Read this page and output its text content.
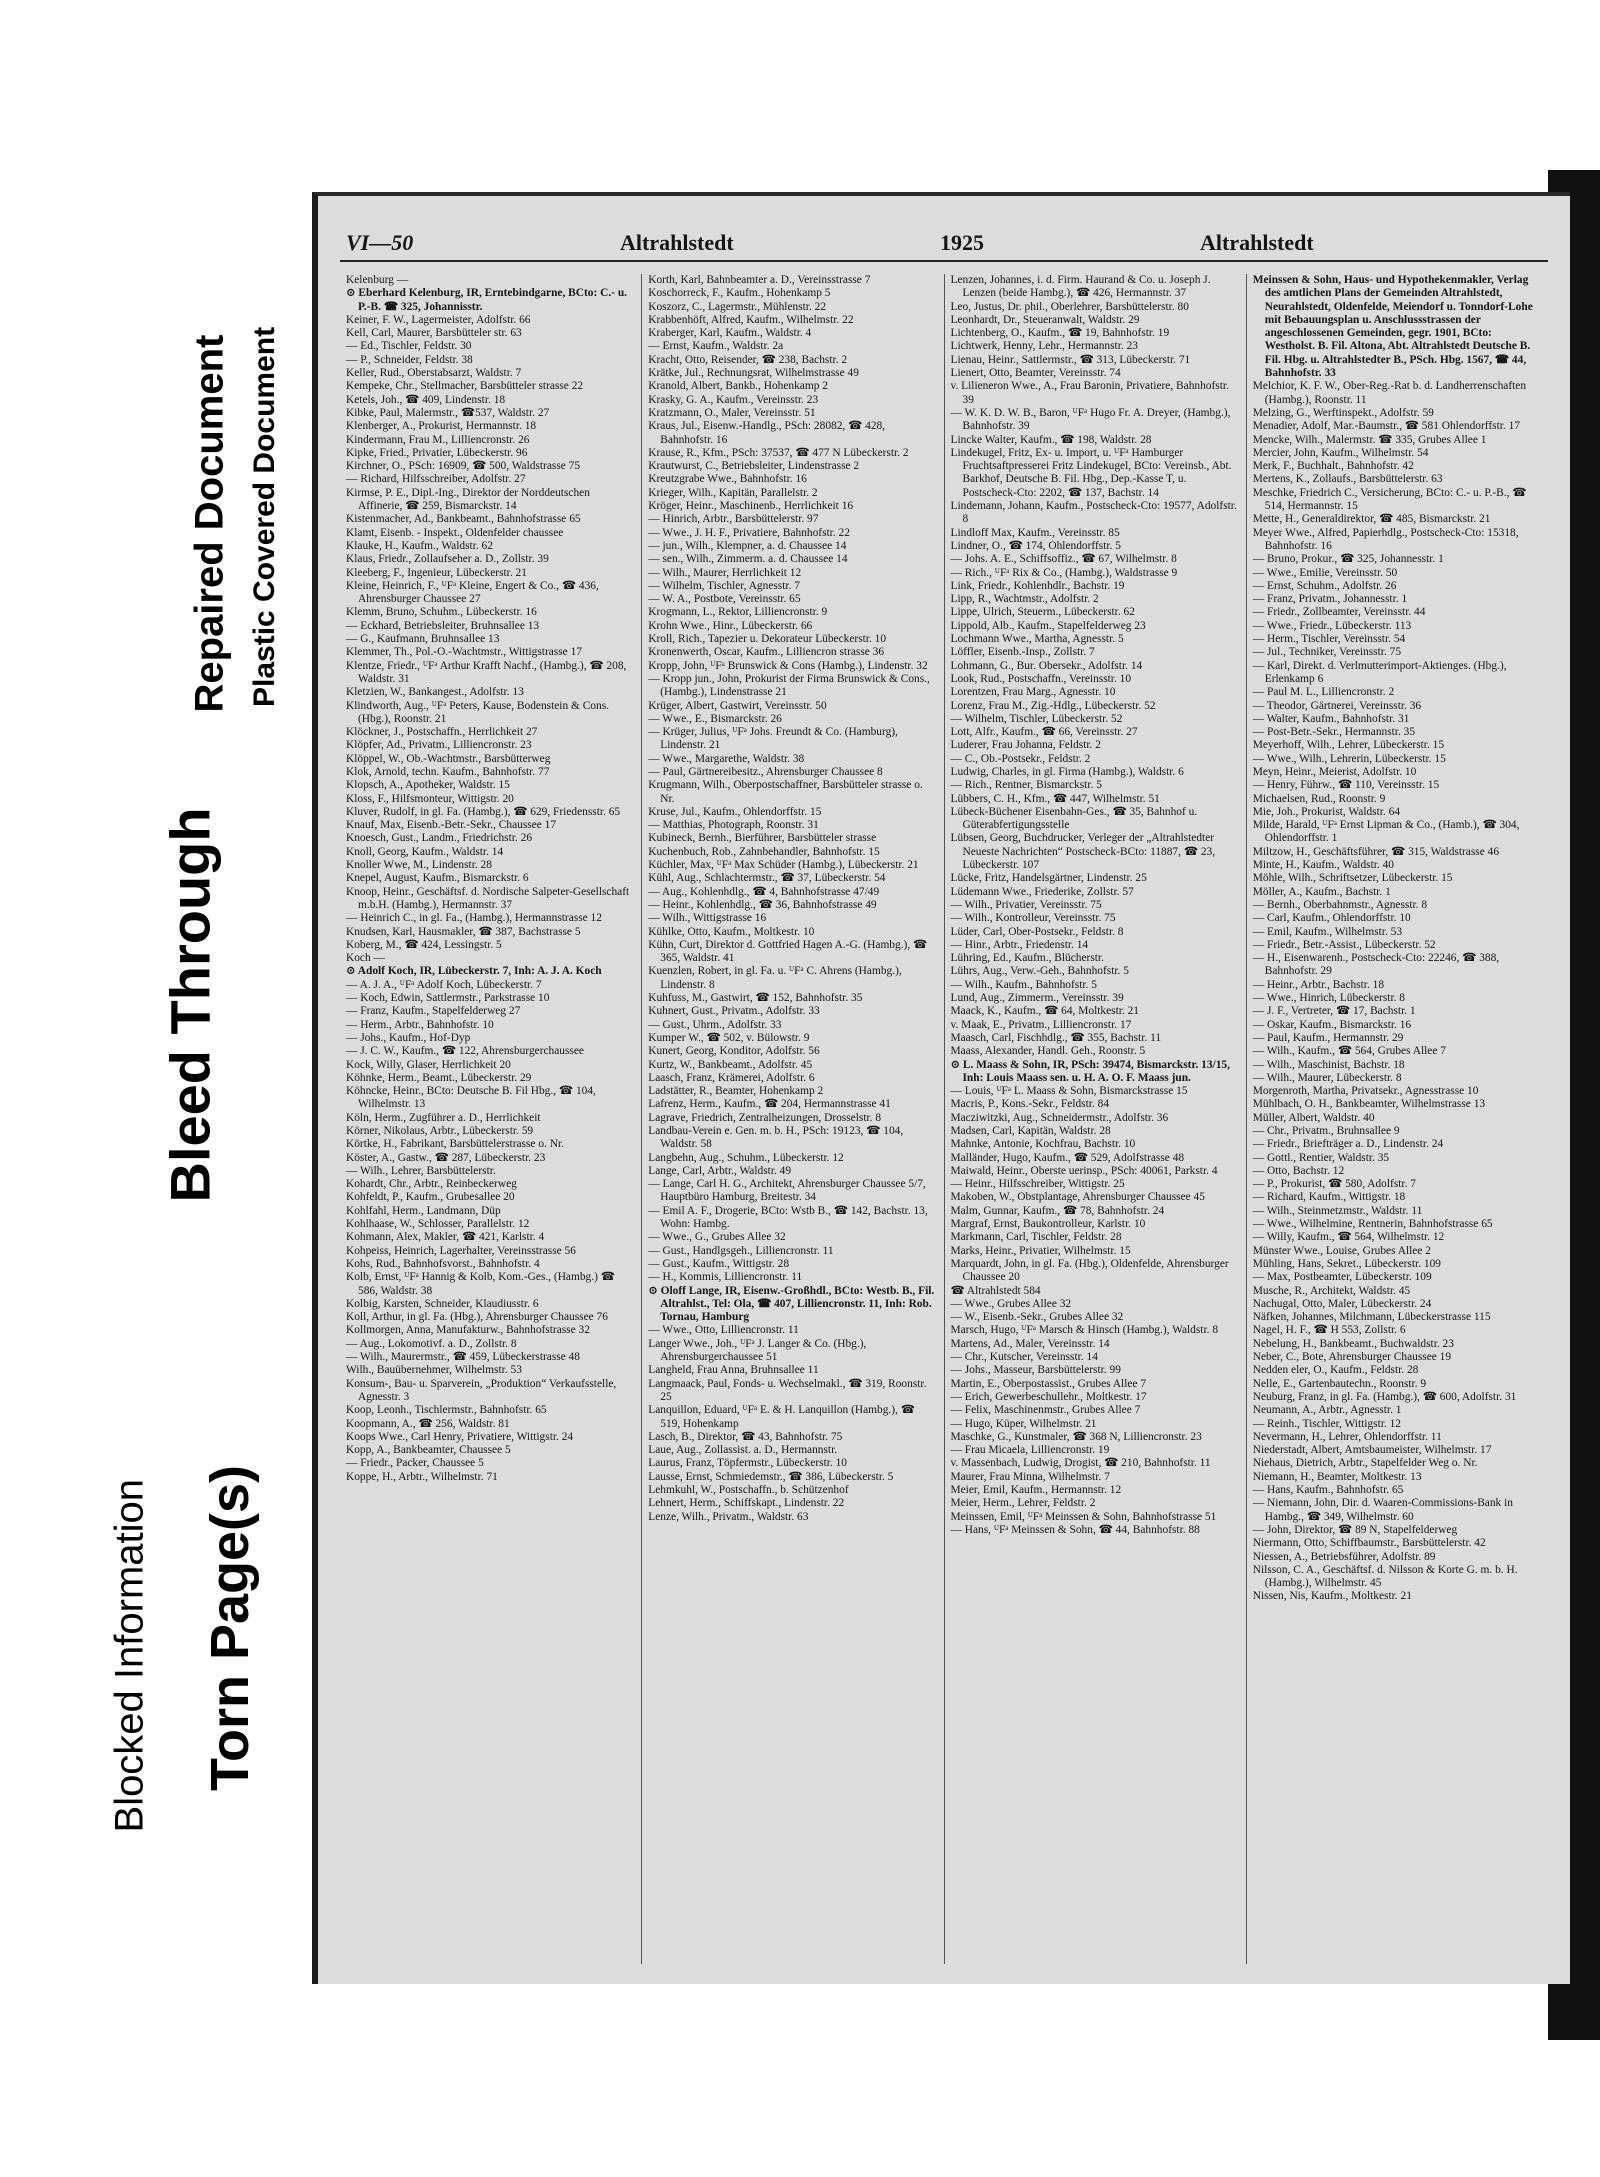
Blocked Information Torn Page(s)
Bleed Through
Repaired Document Plastic Covered Document
VI—50	Altrahlstedt	1925	Altrahlstedt

Kelenburg —

⊙ Eberhard Kelenburg, IR, Erntebindgarne, BCto: C.- u. P.-B. ☎ 325, Johannisstr.

Keiner, F. W., Lagermeister, Adolfstr. 66

Kell, Carl, Maurer, Barsbütteler str. 63

— Ed., Tischler, Feldstr. 30

— P., Schneider, Feldstr. 38

Keller, Rud., Oberstabsarzt, Waldstr. 7

Kempeke, Chr., Stellmacher, Barsbütteler strasse 22

Ketels, Joh., ☎ 409, Lindenstr. 18

Kibke, Paul, Malermstr., ☎537, Waldstr. 27

Klenberger, A., Prokurist, Hermannstr. 18

Kindermann, Frau M., Lilliencronstr. 26

Kipke, Fried., Privatier, Lübeckerstr. 96

Kirchner, O., PSch: 16909, ☎ 500, Waldstrasse 75

— Richard, Hilfsschreiber, Adolfstr. 27

Kirmse, P. E., Dipl.-Ing., Direktor der Norddeutschen Affinerie, ☎ 259, Bismarckstr. 14

Kistenmacher, Ad., Bankbeamt., Bahnhofstrasse 65

Klamt, Eisenb. - Inspekt., Oldenfelder chaussee

Klauke, H., Kaufm., Waldstr. 62

Klaus, Friedr., Zollaufseher a. D., Zollstr. 39

Kleeberg, F., Ingenieur, Lübeckerstr. 21

Kleine, Heinrich, F., ᵁFᵃ Kleine, Engert & Co., ☎ 436, Ahrensburger Chaussee 27

Klemm, Bruno, Schuhm., Lübeckerstr. 16

— Eckhard, Betriebsleiter, Bruhnsallee 13

— G., Kaufmann, Bruhnsallee 13

Klemmer, Th., Pol.-O.-Wachtmstr., Wittigstrasse 17

Klentze, Friedr., ᵁFᵃ Arthur Krafft Nachf., (Hambg.), ☎ 208, Waldstr. 31

Kletzien, W., Bankangest., Adolfstr. 13

Klindworth, Aug., ᵁFᵃ Peters, Kause, Bodenstein & Cons. (Hbg.), Roonstr. 21

Klöckner, J., Postschaffn., Herrlichkeit 27

Klöpfer, Ad., Privatm., Lilliencronstr. 23

Klöppel, W., Ob.-Wachtmstr., Barsbütterweg

Klok, Arnold, techn. Kaufm., Bahnhofstr. 77

Klopsch, A., Apotheker, Waldstr. 15

Kloss, F., Hilfsmonteur, Wittigstr. 20

Kluver, Rudolf, in gl. Fa. (Hambg.), ☎ 629, Friedensstr. 65

Knauf, Max, Eisenb.-Betr.-Sekr., Chaussee 17

Knoesch, Gust., Landm., Friedrichstr. 26

Knoll, Georg, Kaufm., Waldstr. 14

Knoller Wwe, M., Lindenstr. 28

Knepel, August, Kaufm., Bismarckstr. 6

Knoop, Heinr., Geschäftsf. d. Nordische Salpeter-Gesellschaft m.b.H. (Hambg.), Hermannstr. 37

— Heinrich C., in gl. Fa., (Hambg.), Hermannstrasse 12

Knudsen, Karl, Hausmakler, ☎ 387, Bachstrasse 5

Koberg, M., ☎ 424, Lessingstr. 5

Koch —

⊙ Adolf Koch, IR, Lübeckerstr. 7, Inh: A. J. A. Koch

— A. J. A., ᵁFᵃ Adolf Koch, Lübeckerstr. 7

— Koch, Edwin, Sattlermstr., Parkstrasse 10

— Franz, Kaufm., Stapelfelderweg 27

— Herm., Arbtr., Bahnhofstr. 10

— Johs., Kaufm., Hof-Dyp

— J. C. W., Kaufm., ☎ 122, Ahrensburgerchaussee

Kock, Willy, Glaser, Herrlichkeit 20

Köhnke, Herm., Beamt., Lübeckerstr. 29

Köhncke, Heinr., BCto: Deutsche B. Fil Hbg., ☎ 104, Wilhelmstr. 13

Köln, Herm., Zugführer a. D., Herrlichkeit

Körner, Nikolaus, Arbtr., Lübeckerstr. 59

Körtke, H., Fabrikant, Barsbüttelerstrasse o. Nr.

Köster, A., Gastw., ☎ 287, Lübeckerstr. 23

— Wilh., Lehrer, Barsbüttelerstr.

Kohardt, Chr., Arbtr., Reinbeckerweg

Kohfeldt, P., Kaufm., Grubesallee 20

Kohlfahl, Herm., Landmann, Düp

Kohlhaase, W., Schlosser, Parallelstr. 12

Kohmann, Alex, Makler, ☎ 421, Karlstr. 4

Kohpeiss, Heinrich, Lagerhalter, Vereinsstrasse 56

Kohs, Rud., Bahnhofsvorst., Bahnhofstr. 4

Kolb, Ernst, ᵁFᵃ Hannig & Kolb, Kom.-Ges., (Hambg.) ☎ 586, Waldstr. 38

Kolbig, Karsten, Schneider, Klaudiusstr. 6

Koll, Arthur, in gl. Fa. (Hbg.), Ahrensburger Chaussee 76

Kollmorgen, Anna, Manufakturw., Bahnhofstrasse 32

— Aug., Lokomotivf. a. D., Zollstr. 8

— Wilh., Maurermstr., ☎ 459, Lübeckerstrasse 48

Wilh., Bauübernehmer, Wilhelmstr. 53

Konsum-, Bau- u. Sparverein, „Produktion“ Verkaufsstelle, Agnesstr. 3

Koop, Leonh., Tischlermstr., Bahnhofstr. 65

Koopmann, A., ☎ 256, Waldstr. 81

Koops Wwe., Carl Henry, Privatiere, Wittigstr. 24

Kopp, A., Bankbeamter, Chaussee 5

— Friedr., Packer, Chaussee 5

Koppe, H., Arbtr., Wilhelmstr. 71

Korth, Karl, Bahnbeamter a. D., Vereinsstrasse 7

Koschorreck, F., Kaufm., Hohenkamp 5

Koszorz, C., Lagermstr., Mühlenstr. 22

Krabbenhöft, Alfred, Kaufm., Wilhelmstr. 22

Kraberger, Karl, Kaufm., Waldstr. 4

— Ernst, Kaufm., Waldstr. 2a

Kracht, Otto, Reisender, ☎ 238, Bachstr. 2

Krätke, Jul., Rechnungsrat, Wilhelmstrasse 49

Kranold, Albert, Bankb., Hohenkamp 2

Krasky, G. A., Kaufm., Vereinsstr. 23

Kratzmann, O., Maler, Vereinsstr. 51

Kraus, Jul., Eisenw.-Handlg., PSch: 28082, ☎ 428, Bahnhofstr. 16

Krause, R., Kfm., PSch: 37537, ☎ 477 N Lübeckerstr. 2

Krautwurst, C., Betriebsleiter, Lindenstrasse 2

Kreutzgrabe Wwe., Bahnhofstr. 16

Krieger, Wilh., Kapitän, Parallelstr. 2

Kröger, Heinr., Maschinenb., Herrlichkeit 16

— Hinrich, Arbtr., Barsbüttelerstr. 97

— Wwe., J. H. F., Privatiere, Bahnhofstr. 22

— jun., Wilh., Klempner, a. d. Chaussee 14

— sen., Wilh., Zimmerm. a. d. Chaussee 14

— Wilh., Maurer, Herrlichkeit 12

— Wilhelm, Tischler, Agnesstr. 7

— W. A., Postbote, Vereinsstr. 65

Krogmann, L., Rektor, Lilliencronstr. 9

Krohn Wwe., Hinr., Lübeckerstr. 66

Kroll, Rich., Tapezier u. Dekorateur Lübeckerstr. 10

Kronenwerth, Oscar, Kaufm., Lilliencron strasse 36

Kropp, John, ᵁFᵃ Brunswick & Cons (Hambg.), Lindenstr. 32

— Kropp jun., John, Prokurist der Firma Brunswick & Cons., (Hambg.), Lindenstrasse 21

Krüger, Albert, Gastwirt, Vereinsstr. 50

— Wwe., E., Bismarckstr. 26

— Krüger, Julius, ᵁFᵃ Johs. Freundt & Co. (Hamburg), Lindenstr. 21

— Wwe., Margarethe, Waldstr. 38

— Paul, Gärtnereibesitz., Ahrensburger Chaussee 8

Krugmann, Wilh., Oberpostschaffner, Barsbütteler strasse o. Nr.

Kruse, Jul., Kaufm., Ohlendorffstr. 15

— Matthias, Photograph, Roonstr. 31

Kubineck, Bernh., Bierführer, Barsbütteler strasse

Kuchenbuch, Rob., Zahnbehandler, Bahnhofstr. 15

Küchler, Max, ᵁFᵃ Max Schüder (Hambg.), Lübeckerstr. 21

Kühl, Aug., Schlachtermstr., ☎ 37, Lübeckerstr. 54

— Aug., Kohlenhdlg., ☎ 4, Bahnhofstrasse 47/49

— Heinr., Kohlenhdlg., ☎ 36, Bahnhofstrasse 49

— Wilh., Wittigstrasse 16

Kühlke, Otto, Kaufm., Moltkestr. 10

Kühn, Curt, Direktor d. Gottfried Hagen A.-G. (Hambg.), ☎ 365, Waldstr. 41

Kuenzlen, Robert, in gl. Fa. u. ᵁFᵃ C. Ahrens (Hambg.), Lindenstr. 8

Kuhfuss, M., Gastwirt, ☎ 152, Bahnhofstr. 35

Kuhnert, Gust., Privatm., Adolfstr. 33

— Gust., Uhrm., Adolfstr. 33

Kumper W., ☎ 502, v. Bülowstr. 9

Kunert, Georg, Konditor, Adolfstr. 56

Kurtz, W., Bankbeamt., Adolfstr. 45

Laasch, Franz, Krämerei, Adolfstr. 6

Ladstätter, R., Beamter, Hohenkamp 2

Lafrenz, Herm., Kaufm., ☎ 204, Hermannstrasse 41

Lagrave, Friedrich, Zentralheizungen, Drosselstr. 8

Landbau-Verein e. Gen. m. b. H., PSch: 19123, ☎ 104, Waldstr. 58

Langbehn, Aug., Schuhm., Lübeckerstr. 12

Lange, Carl, Arbtr., Waldstr. 49

— Lange, Carl H. G., Architekt, Ahrensburger Chaussee 5/7, Hauptbüro Hamburg, Breitestr. 34

— Emil A. F., Drogerie, BCto: Wstb B., ☎ 142, Bachstr. 13, Wohn: Hambg.

— Wwe., G., Grubes Allee 32

— Gust., Handlgsgeh., Lilliencronstr. 11

— Gust., Kaufm., Wittigstr. 28

— H., Kommis, Lilliencronstr. 11

⊙ Oloff Lange, IR, Eisenw.-Großhdl., BCto: Westb. B., Fil. Altrahlst., Tel: Ola, ☎ 407, Lilliencronstr. 11, Inh: Rob. Tornau, Hamburg

— Wwe., Otto, Lilliencronstr. 11

Langer Wwe., Joh., ᵁFᵃ J. Langer & Co. (Hbg.), Ahrensburgerchaussee 51

Langheld, Frau Anna, Bruhnsallee 11

Langmaack, Paul, Fonds- u. Wechselmakl., ☎ 319, Roonstr. 25

Lanquillon, Eduard, ᵁFᵃ E. & H. Lanquillon (Hambg.), ☎ 519, Hohenkamp

Lasch, B., Direktor, ☎ 43, Bahnhofstr. 75

Laue, Aug., Zollassist. a. D., Hermannstr.

Laurus, Franz, Töpfermstr., Lübeckerstr. 10

Lausse, Ernst, Schmiedemstr., ☎ 386, Lübeckerstr. 5

Lehmkuhl, W., Postschaffn., b. Schützenhof

Lehnert, Herm., Schiffskapt., Lindenstr. 22

Lenze, Wilh., Privatm., Waldstr. 63

Lenzen, Johannes, i. d. Firm. Haurand & Co. u. Joseph J. Lenzen (beide Hambg.), ☎ 426, Hermannstr. 37

Leo, Justus, Dr. phil., Oberlehrer, Barsbüttelerstr. 80

Leonhardt, Dr., Steueranwalt, Waldstr. 29

Lichtenberg, O., Kaufm., ☎ 19, Bahnhofstr. 19

Lichtwerk, Henny, Lehr., Hermannstr. 23

Lienau, Heinr., Sattlermstr., ☎ 313, Lübeckerstr. 71

Lienert, Otto, Beamter, Vereinsstr. 74

v. Lilieneron Wwe., A., Frau Baronin, Privatiere, Bahnhofstr. 39

— W. K. D. W. B., Baron, ᵁFᵃ Hugo Fr. A. Dreyer, (Hambg.), Bahnhofstr. 39

Lincke Walter, Kaufm., ☎ 198, Waldstr. 28

Lindekugel, Fritz, Ex- u. Import, u. ᵁFᵃ Hamburger Fruchtsaftpresserei Fritz Lindekugel, BCto: Vereinsb., Abt. Barkhof, Deutsche B. Fil. Hbg., Dep.-Kasse T, u. Postscheck-Cto: 2202, ☎ 137, Bachstr. 14

Lindemann, Johann, Kaufm., Postscheck-Cto: 19577, Adolfstr. 8

Lindloff Max, Kaufm., Vereinsstr. 85

Lindner, O., ☎ 174, Ohlendorffstr. 5

— Johs. A. E., Schiffsoffiz., ☎ 67, Wilhelmstr. 8

— Rich., ᵁFᵃ Rix & Co., (Hambg.), Waldstrasse 9

Link, Friedr., Kohlenhdlr., Bachstr. 19

Lipp, R., Wachtmstr., Adolfstr. 2

Lippe, Ulrich, Steuerm., Lübeckerstr. 62

Lippold, Alb., Kaufm., Stapelfelderweg 23

Lochmann Wwe., Martha, Agnesstr. 5

Löffler, Eisenb.-Insp., Zollstr. 7

Lohmann, G., Bur. Obersekr., Adolfstr. 14

Look, Rud., Postschaffn., Vereinsstr. 10

Lorentzen, Frau Marg., Agnesstr. 10

Lorenz, Frau M., Zig.-Hdlg., Lübeckerstr. 52

— Wilhelm, Tischler, Lübeckerstr. 52

Lott, Alfr., Kaufm., ☎ 66, Vereinsstr. 27

Luderer, Frau Johanna, Feldstr. 2

— C., Ob.-Postsekr., Feldstr. 2

Ludwig, Charles, in gl. Firma (Hambg.), Waldstr. 6

— Rich., Rentner, Bismarckstr. 5

Lübbers, C. H., Kfm., ☎ 447, Wilhelmstr. 51

Lübeck-Büchener Eisenbahn-Ges., ☎ 35, Bahnhof u. Güterabfertigungsstelle

Lübsen, Georg, Buchdrucker, Verleger der „Altrahlstedter Neueste Nachrichten“ Postscheck-BCto: 11887, ☎ 23, Lübeckerstr. 107

Lücke, Fritz, Handelsgärtner, Lindenstr. 25

Lüdemann Wwe., Friederike, Zollstr. 57

— Wilh., Privatier, Vereinsstr. 75

— Wilh., Kontrolleur, Vereinsstr. 75

Lüder, Carl, Ober-Postsekr., Feldstr. 8

— Hinr., Arbtr., Friedenstr. 14

Lühring, Ed., Kaufm., Blücherstr.

Lührs, Aug., Verw.-Geh., Bahnhofstr. 5

— Wilh., Kaufm., Bahnhofstr. 5

Lund, Aug., Zimmerm., Vereinsstr. 39

Maack, K., Kaufm., ☎ 64, Moltkestr. 21

v. Maak, E., Privatm., Lilliencronstr. 17

Maasch, Carl, Fischhdlg., ☎ 355, Bachstr. 11

Maass, Alexander, Handl. Geh., Roonstr. 5

⊙ L. Maass & Sohn, IR, PSch: 39474, Bismarckstr. 13/15, Inh: Louis Maass sen. u. H. A. O. F. Maass jun.

— Louis, ᵁFᵃ L. Maass & Sohn, Bismarckstrasse 15

Macris, P., Kons.-Sekr., Feldstr. 84

Macziwitzki, Aug., Schneidermstr., Adolfstr. 36

Madsen, Carl, Kapitän, Waldstr. 28

Mahnke, Antonie, Kochfrau, Bachstr. 10

Malländer, Hugo, Kaufm., ☎ 529, Adolfstrasse 48

Maiwald, Heinr., Oberste uerinsp., PSch: 40061, Parkstr. 4

— Heinr., Hilfsschreiber, Wittigstr. 25

Makoben, W., Obstplantage, Ahrensburger Chaussee 45

Malm, Gunnar, Kaufm., ☎ 78, Bahnhofstr. 24

Margraf, Ernst, Baukontrolleur, Karlstr. 10

Markmann, Carl, Tischler, Feldstr. 28

Marks, Heinr., Privatier, Wilhelmstr. 15

Marquardt, John, in gl. Fa. (Hbg.), Oldenfelde, Ahrensburger Chaussee 20

☎ Altrahlstedt 584

— Wwe., Grubes Allee 32

— W., Eisenb.-Sekr., Grubes Allee 32

Marsch, Hugo, ᵁFᵃ Marsch & Hinsch (Hambg.), Waldstr. 8

Martens, Ad., Maler, Vereinsstr. 14

— Chr., Kutscher, Vereinsstr. 14

— Johs., Masseur, Barsbüttelerstr. 99

Martin, E., Oberpostassist., Grubes Allee 7

— Erich, Gewerbeschullehr., Moltkestr. 17

— Felix, Maschinenmstr., Grubes Allee 7

— Hugo, Küper, Wilhelmstr. 21

Maschke, G., Kunstmaler, ☎ 368 N, Lilliencronstr. 23

— Frau Micaela, Lilliencronstr. 19

v. Massenbach, Ludwig, Drogist, ☎ 210, Bahnhofstr. 11

Maurer, Frau Minna, Wilhelmstr. 7

Meier, Emil, Kaufm., Hermannstr. 12

Meier, Herm., Lehrer, Feldstr. 2

Meinssen, Emil, ᵁFᵃ Meinssen & Sohn, Bahnhofstrasse 51

— Hans, ᵁFᵃ Meinssen & Sohn, ☎ 44, Bahnhofstr. 88

Meinssen & Sohn, Haus- und Hypothekenmakler, Verlag des amtlichen Plans der Gemeinden Altrahlstedt, Neurahlstedt, Oldenfelde, Meiendorf u. Tonndorf-Lohe mit Bebauungsplan u. Anschlussstrassen der angeschlossenen Gemeinden, gegr. 1901, BCto: Westholst. B. Fil. Altona, Abt. Altrahlstedt Deutsche B. Fil. Hbg. u. Altrahlstedter B., PSch. Hbg. 1567, ☎ 44, Bahnhofstr. 33

Melchior, K. F. W., Ober-Reg.-Rat b. d. Landherrenschaften (Hambg.), Roonstr. 11

Melzing, G., Werftinspekt., Adolfstr. 59

Menadier, Adolf, Mar.-Baumstr., ☎ 581 Ohlendorffstr. 17

Mencke, Wilh., Malermstr. ☎ 335, Grubes Allee 1

Mercier, John, Kaufm., Wilhelmstr. 54

Merk, F., Buchhalt., Bahnhofstr. 42

Mertens, K., Zollaufs., Barsbüttelerstr. 63

Meschke, Friedrich C., Versicherung, BCto: C.- u. P.-B., ☎ 514, Hermannstr. 15

Mette, H., Generaldirektor, ☎ 485, Bismarckstr. 21

Meyer Wwe., Alfred, Papierhdlg., Postscheck-Cto: 15318, Bahnhofstr. 16

— Bruno, Prokur., ☎ 325, Johannesstr. 1

— Wwe., Emilie, Vereinsstr. 50

— Ernst, Schuhm., Adolfstr. 26

— Franz, Privatm., Johannesstr. 1

— Friedr., Zollbeamter, Vereinsstr. 44

— Wwe., Friedr., Lübeckerstr. 113

— Herm., Tischler, Vereinsstr. 54

— Jul., Techniker, Vereinsstr. 75

— Karl, Direkt. d. Verlmutterimport-Aktienges. (Hbg.), Erlenkamp 6

— Paul M. L., Lilliencronstr. 2

— Theodor, Gärtnerei, Vereinsstr. 36

— Walter, Kaufm., Bahnhofstr. 31

— Post-Betr.-Sekr., Hermannstr. 35

Meyerhoff, Wilh., Lehrer, Lübeckerstr. 15

— Wwe., Wilh., Lehrerin, Lübeckerstr. 15

Meyn, Heinr., Meierist, Adolfstr. 10

— Henry, Führw., ☎ 110, Vereinsstr. 15

Michaelsen, Rud., Roonstr. 9

Mie, Joh., Prokurist, Waldstr. 64

Milde, Harald, ᵁFᵃ Ernst Lipman & Co., (Hamb.), ☎ 304, Ohlendorffstr. 1

Miltzow, H., Geschäftsführer, ☎ 315, Waldstrasse 46

Minte, H., Kaufm., Waldstr. 40

Möhle, Wilh., Schriftsetzer, Lübeckerstr. 15

Möller, A., Kaufm., Bachstr. 1

— Bernh., Oberbahnmstr., Agnesstr. 8

— Carl, Kaufm., Ohlendorffstr. 10

— Emil, Kaufm., Wilhelmstr. 53

— Friedr., Betr.-Assist., Lübeckerstr. 52

— H., Eisenwarenh., Postscheck-Cto: 22246, ☎ 388, Bahnhofstr. 29

— Heinr., Arbtr., Bachstr. 18

— Wwe., Hinrich, Lübeckerstr. 8

— J. F., Vertreter, ☎ 17, Bachstr. 1

— Oskar, Kaufm., Bismarckstr. 16

— Paul, Kaufm., Hermannstr. 29

— Wilh., Kaufm., ☎ 564, Grubes Allee 7

— Wilh., Maschinist, Bachstr. 18

— Wilh., Maurer, Lübeckerstr. 8

Morgenroth, Martha, Privatsekr., Agnesstrasse 10

Mühlbach, O. H., Bankbeamter, Wilhelmstrasse 13

Müller, Albert, Waldstr. 40

— Chr., Privatm., Bruhnsallee 9

— Friedr., Briefträger a. D., Lindenstr. 24

— Gottl., Rentier, Waldstr. 35

— Otto, Bachstr. 12

— P., Prokurist, ☎ 580, Adolfstr. 7

— Richard, Kaufm., Wittigstr. 18

— Wilh., Steinmetzmstr., Waldstr. 11

— Wwe., Wilhelmine, Rentnerin, Bahnhofstrasse 65

— Willy, Kaufm., ☎ 564, Wilhelmstr. 12

Münster Wwe., Louise, Grubes Allee 2

Mühling, Hans, Sekret., Lübeckerstr. 109

— Max, Postbeamter, Lübeckerstr. 109

Musche, R., Architekt, Waldstr. 45

Nachugal, Otto, Maler, Lübeckerstr. 24

Näfken, Johannes, Milchmann, Lübeckerstrasse 115

Nagel, H. F., ☎ H 553, Zollstr. 6

Nebelung, H., Bankbeamt., Buchwaldstr. 23

Neber, C., Bote, Ahrensburger Chaussee 19

Nedden eler, O., Kaufm., Feldstr. 28

Nelle, E., Gartenbautechn., Roonstr. 9

Neuburg, Franz, in gl. Fa. (Hambg.), ☎ 600, Adolfstr. 31

Neumann, A., Arbtr., Agnesstr. 1

— Reinh., Tischler, Wittigstr. 12

Nevermann, H., Lehrer, Ohlendorffstr. 11

Niederstadt, Albert, Amtsbaumeister, Wilhelmstr. 17

Niehaus, Dietrich, Arbtr., Stapelfelder Weg o. Nr.

Niemann, H., Beamter, Moltkestr. 13

— Hans, Kaufm., Bahnhofstr. 65

— Niemann, John, Dir. d. Waaren-Commissions-Bank in Hambg., ☎ 349, Wilhelmstr. 60

— John, Direktor, ☎ 89 N, Stapelfelderweg

Niermann, Otto, Schiffbaumstr., Barsbüttelerstr. 42

Niessen, A., Betriebsführer, Adolfstr. 89

Nilsson, C. A., Geschäftsf. d. Nilsson & Korte G. m. b. H. (Hambg.), Wilhelmstr. 45

Nissen, Nis, Kaufm., Moltkestr. 21
